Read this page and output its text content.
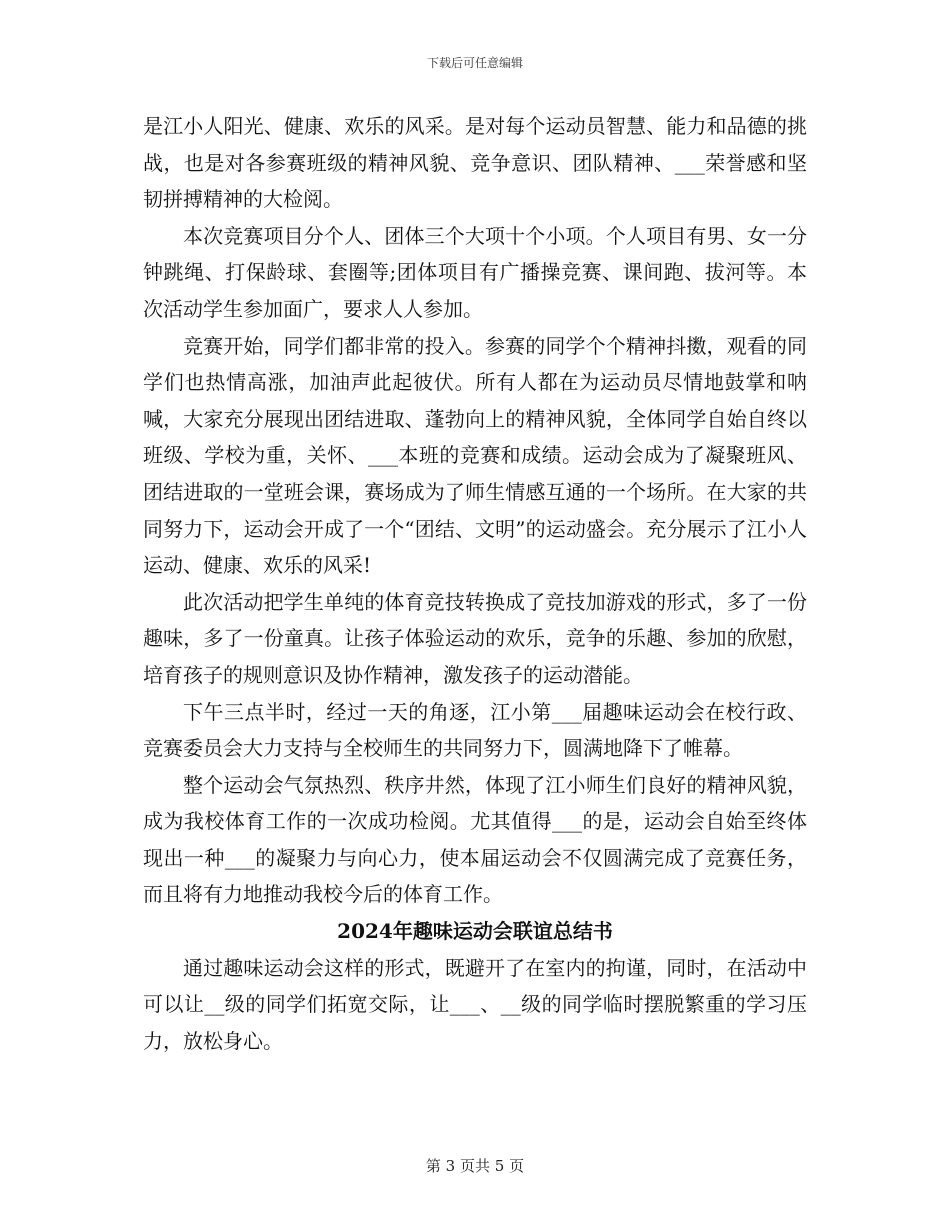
下载后可任意编辑

是江小人阳光、健康、欢乐的风采。是对每个运动员智慧、能力和品德的挑战，也是对各参赛班级的精神风貌、竞争意识、团队精神、___荣誉感和坚韧拼搏精神的大检阅。

本次竞赛项目分个人、团体三个大项十个小项。个人项目有男、女一分钟跳绳、打保龄球、套圈等;团体项目有广播操竞赛、课间跑、拔河等。本次活动学生参加面广，要求人人参加。

竞赛开始，同学们都非常的投入。参赛的同学个个精神抖擞，观看的同学们也热情高涨，加油声此起彼伏。所有人都在为运动员尽情地鼓掌和呐喊，大家充分展现出团结进取、蓬勃向上的精神风貌，全体同学自始自终以班级、学校为重，关怀、___本班的竞赛和成绩。运动会成为了凝聚班风、团结进取的一堂班会课，赛场成为了师生情感互通的一个场所。在大家的共同努力下，运动会开成了一个“团结、文明”的运动盛会。充分展示了江小人运动、健康、欢乐的风采!

此次活动把学生单纯的体育竞技转换成了竞技加游戏的形式，多了一份趣味，多了一份童真。让孩子体验运动的欢乐，竞争的乐趣、参加的欣慰，培育孩子的规则意识及协作精神，激发孩子的运动潜能。

下午三点半时，经过一天的角逐，江小第___届趣味运动会在校行政、竞赛委员会大力支持与全校师生的共同努力下，圆满地降下了帷幕。

整个运动会气氛热烈、秩序井然，体现了江小师生们良好的精神风貌，成为我校体育工作的一次成功检阅。尤其值得___的是，运动会自始至终体现出一种___的凝聚力与向心力，使本届运动会不仅圆满完成了竞赛任务，而且将有力地推动我校今后的体育工作。

2024年趣味运动会联谊总结书

通过趣味运动会这样的形式，既避开了在室内的拘谨，同时，在活动中可以让__级的同学们拓宽交际，让___、__级的同学临时摆脱繁重的学习压力，放松身心。

第 3 页共 5 页
